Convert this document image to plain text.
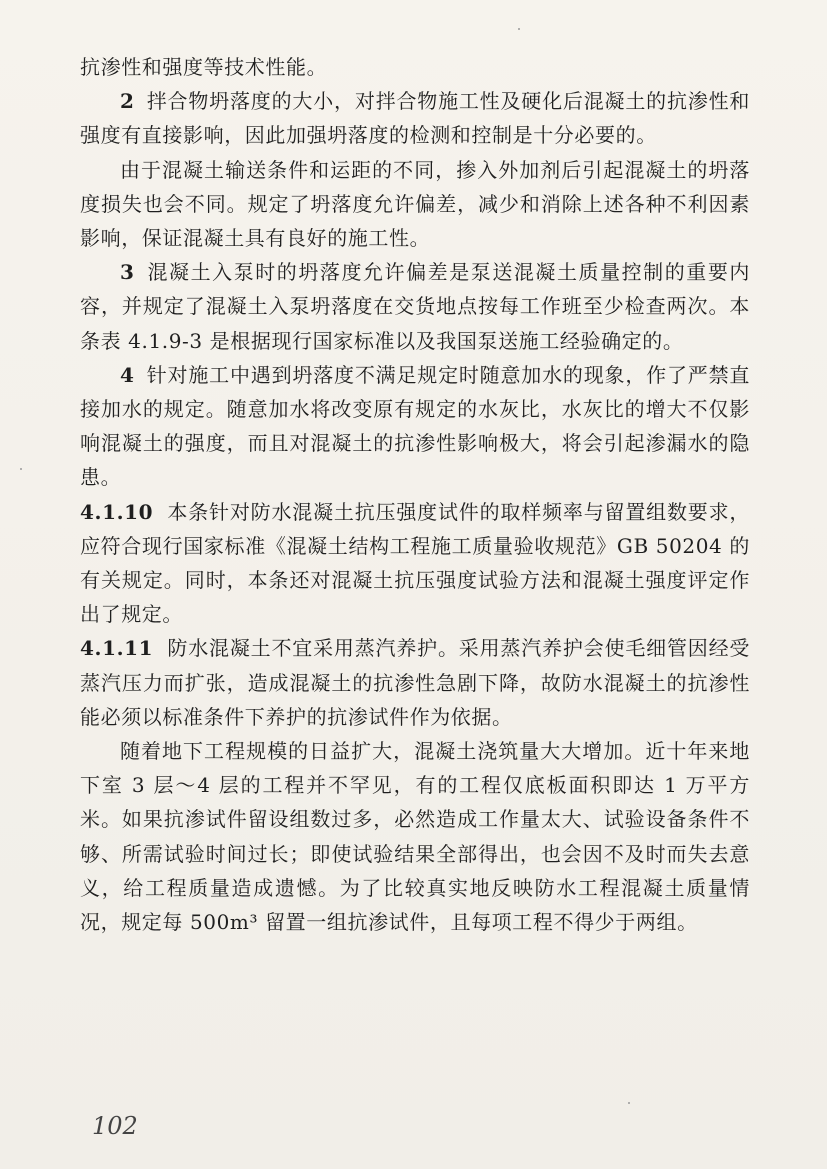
抗渗性和强度等技术性能。

2 拌合物坍落度的大小，对拌合物施工性及硬化后混凝土的抗渗性和强度有直接影响，因此加强坍落度的检测和控制是十分必要的。

由于混凝土输送条件和运距的不同，掺入外加剂后引起混凝土的坍落度损失也会不同。规定了坍落度允许偏差，减少和消除上述各种不利因素影响，保证混凝土具有良好的施工性。

3 混凝土入泵时的坍落度允许偏差是泵送混凝土质量控制的重要内容，并规定了混凝土入泵坍落度在交货地点按每工作班至少检查两次。本条表 4.1.9-3 是根据现行国家标准以及我国泵送施工经验确定的。

4 针对施工中遇到坍落度不满足规定时随意加水的现象，作了严禁直接加水的规定。随意加水将改变原有规定的水灰比，水灰比的增大不仅影响混凝土的强度，而且对混凝土的抗渗性影响极大，将会引起渗漏水的隐患。

4.1.10 本条针对防水混凝土抗压强度试件的取样频率与留置组数要求，应符合现行国家标准《混凝土结构工程施工质量验收规范》GB 50204 的有关规定。同时，本条还对混凝土抗压强度试验方法和混凝土强度评定作出了规定。

4.1.11 防水混凝土不宜采用蒸汽养护。采用蒸汽养护会使毛细管因经受蒸汽压力而扩张，造成混凝土的抗渗性急剧下降，故防水混凝土的抗渗性能必须以标准条件下养护的抗渗试件作为依据。

随着地下工程规模的日益扩大，混凝土浇筑量大大增加。近十年来地下室 3 层～4 层的工程并不罕见，有的工程仅底板面积即达 1 万平方米。如果抗渗试件留设组数过多，必然造成工作量太大、试验设备条件不够、所需试验时间过长；即使试验结果全部得出，也会因不及时而失去意义，给工程质量造成遗憾。为了比较真实地反映防水工程混凝土质量情况，规定每 500m³ 留置一组抗渗试件，且每项工程不得少于两组。

102
